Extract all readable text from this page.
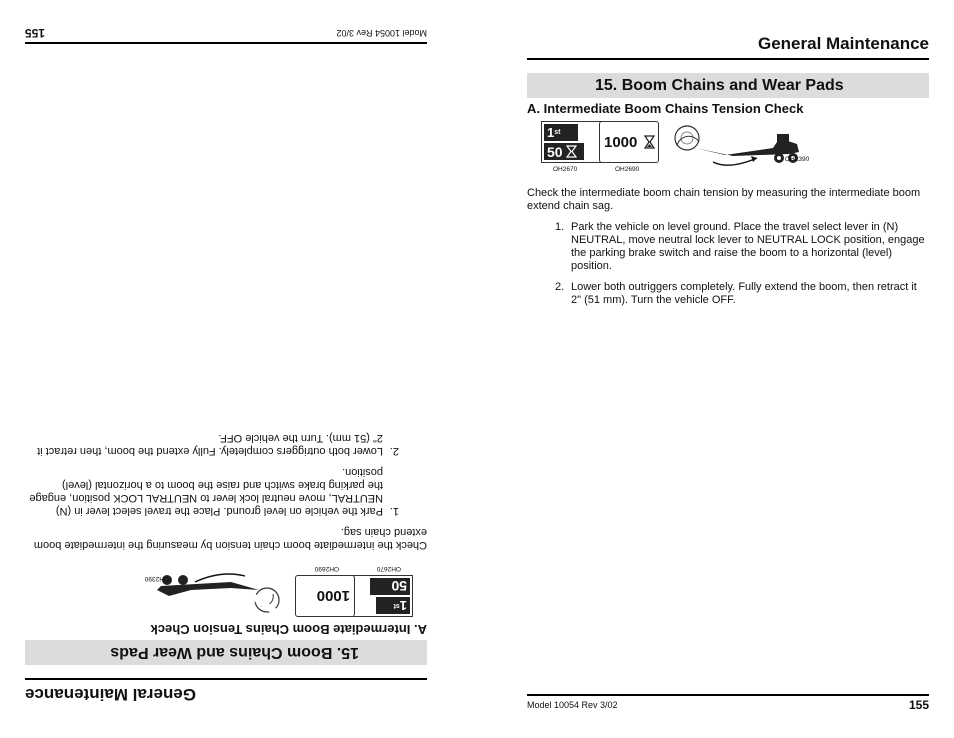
General Maintenance
15. Boom Chains and Wear Pads
A. Intermediate Boom Chains Tension Check
1
st
50
OH2670
1000
OH2690
OH2390
Check the intermediate boom chain tension by measuring the intermediate boom extend chain sag.
1.
Park the vehicle on level ground. Place the travel select lever in (N) NEUTRAL, move neutral lock lever to NEUTRAL LOCK position, engage the parking brake switch and raise the boom to a horizontal (level) position.
2.
Lower both outriggers completely. Fully extend the boom, then retract it 2" (51 mm). Turn the vehicle OFF.
Model 10054 Rev 3/02
155
General Maintenance
15. Boom Chains and Wear Pads
A. Intermediate Boom Chains Tension Check
1 st
50
OH2670
1000
OH2690
OH2390
Check the intermediate boom chain tension by measuring the intermediate boom extend chain sag.
1. Park the vehicle on level ground. Place the travel select lever in (N) NEUTRAL, move neutral lock lever to NEUTRAL LOCK position, engage the parking brake switch and raise the boom to a horizontal (level) position.
2. Lower both outriggers completely. Fully extend the boom, then retract it 2" (51 mm). Turn the vehicle OFF.
Model 10054 Rev 3/02	155
